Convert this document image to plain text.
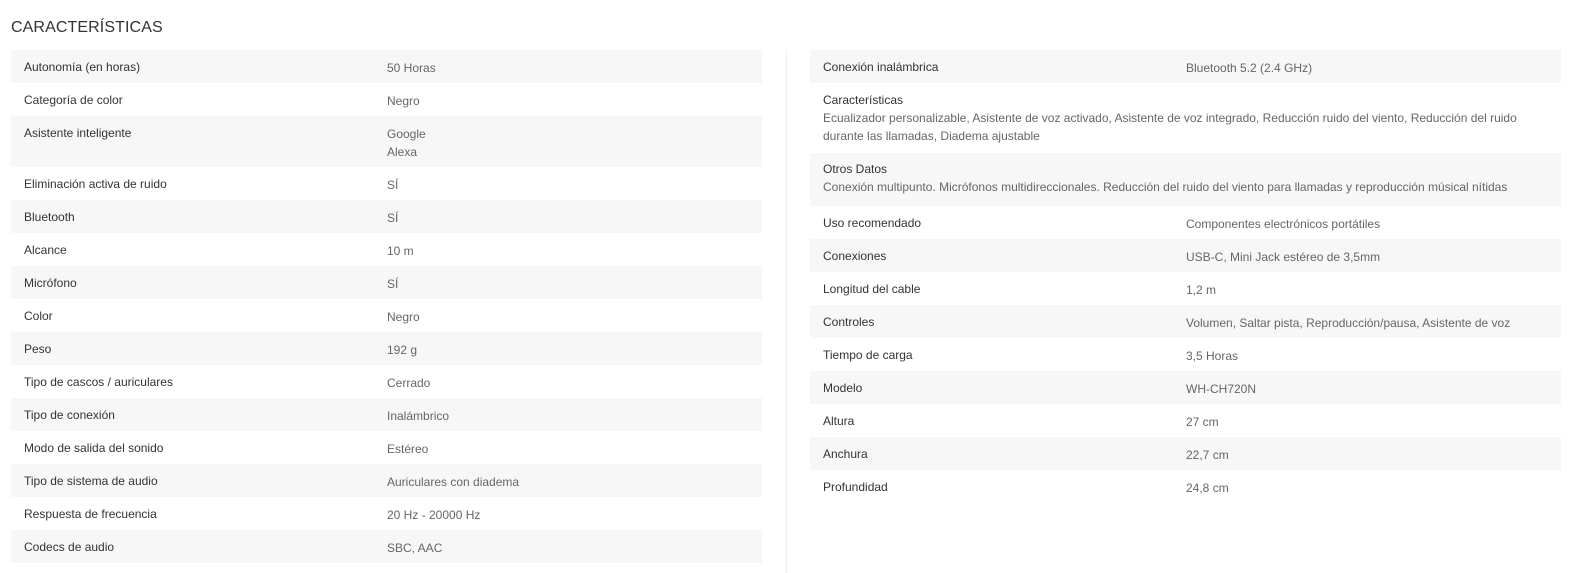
CARACTERÍSTICAS
Autonomía (en horas)	50 Horas
Categoría de color	Negro
Asistente inteligente	Google
Alexa
Eliminación activa de ruido	SÍ
Bluetooth	SÍ
Alcance	10 m
Micrófono	SÍ
Color	Negro
Peso	192 g
Tipo de cascos / auriculares	Cerrado
Tipo de conexión	Inalámbrico
Modo de salida del sonido	Estéreo
Tipo de sistema de audio	Auriculares con diadema
Respuesta de frecuencia	20 Hz - 20000 Hz
Codecs de audio	SBC, AAC
Conexión inalámbrica	Bluetooth 5.2 (2.4 GHz)
Características
Ecualizador personalizable, Asistente de voz activado, Asistente de voz integrado, Reducción ruido del viento, Reducción del ruido durante las llamadas, Diadema ajustable
Otros Datos
Conexión multipunto. Micrófonos multidireccionales. Reducción del ruido del viento para llamadas y reproducción músical nítidas
Uso recomendado	Componentes electrónicos portátiles
Conexiones	USB-C, Mini Jack estéreo de 3,5mm
Longitud del cable	1,2 m
Controles	Volumen, Saltar pista, Reproducción/pausa, Asistente de voz
Tiempo de carga	3,5 Horas
Modelo	WH-CH720N
Altura	27 cm
Anchura	22,7 cm
Profundidad	24,8 cm
